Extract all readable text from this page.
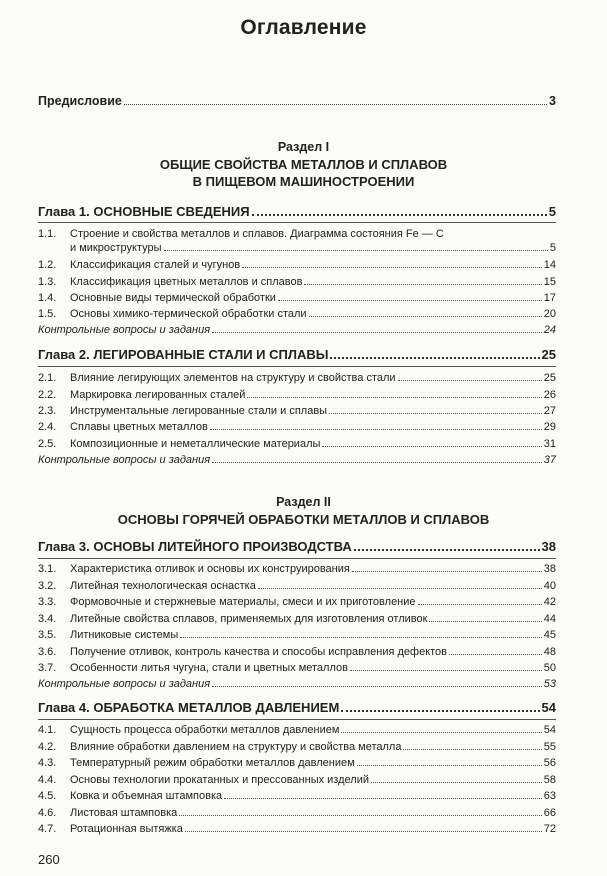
Оглавление
Предисловие	3
Раздел I
ОБЩИЕ СВОЙСТВА МЕТАЛЛОВ И СПЛАВОВ
В ПИЩЕВОМ МАШИНОСТРОЕНИИ
Глава 1. ОСНОВНЫЕ СВЕДЕНИЯ	5
1.1.	Строение и свойства металлов и сплавов. Диаграмма состояния Fe — C
и микроструктуры	5
1.2.	Классификация сталей и чугунов	14
1.3.	Классификация цветных металлов и сплавов	15
1.4.	Основные виды термической обработки	17
1.5.	Основы химико-термической обработки стали	20
Контрольные вопросы и задания	24
Глава 2. ЛЕГИРОВАННЫЕ СТАЛИ И СПЛАВЫ	25
2.1.	Влияние легирующих элементов на структуру и свойства стали	25
2.2.	Маркировка легированных сталей	26
2.3.	Инструментальные легированные стали и сплавы	27
2.4.	Сплавы цветных металлов	29
2.5.	Композиционные и неметаллические материалы	31
Контрольные вопросы и задания	37
Раздел II
ОСНОВЫ ГОРЯЧЕЙ ОБРАБОТКИ МЕТАЛЛОВ И СПЛАВОВ
Глава 3. ОСНОВЫ ЛИТЕЙНОГО ПРОИЗВОДСТВА	38
3.1.	Характеристика отливок и основы их конструирования	38
3.2.	Литейная технологическая оснастка	40
3.3.	Формовочные и стержневые материалы, смеси и их приготовление	42
3.4.	Литейные свойства сплавов, применяемых для изготовления отливок	44
3.5.	Литниковые системы	45
3.6.	Получение отливок, контроль качества и способы исправления дефектов	48
3.7.	Особенности литья чугуна, стали и цветных металлов	50
Контрольные вопросы и задания	53
Глава 4. ОБРАБОТКА МЕТАЛЛОВ ДАВЛЕНИЕМ	54
4.1.	Сущность процесса обработки металлов давлением	54
4.2.	Влияние обработки давлением на структуру и свойства металла	55
4.3.	Температурный режим обработки металлов давлением	56
4.4.	Основы технологии прокатанных и прессованных изделий	58
4.5.	Ковка и объемная штамповка	63
4.6.	Листовая штамповка	66
4.7.	Ротационная вытяжка	72
260
